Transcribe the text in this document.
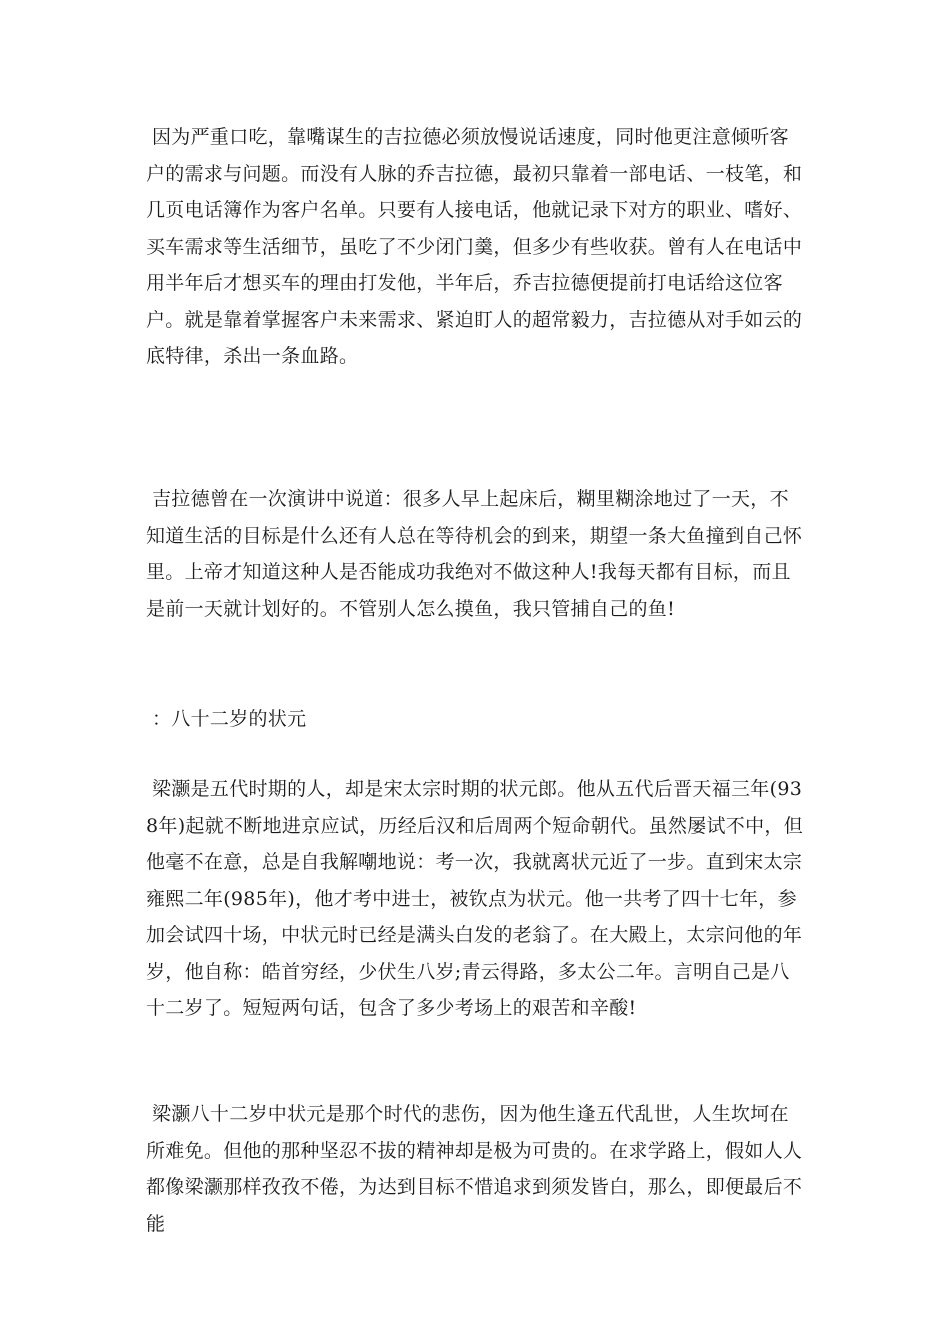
因为严重口吃，靠嘴谋生的吉拉德必须放慢说话速度，同时他更注意倾听客户的需求与问题。而没有人脉的乔吉拉德，最初只靠着一部电话、一枝笔，和几页电话簿作为客户名单。只要有人接电话，他就记录下对方的职业、嗜好、买车需求等生活细节，虽吃了不少闭门羹，但多少有些收获。曾有人在电话中用半年后才想买车的理由打发他，半年后，乔吉拉德便提前打电话给这位客户。就是靠着掌握客户未来需求、紧迫盯人的超常毅力，吉拉德从对手如云的底特律，杀出一条血路。

吉拉德曾在一次演讲中说道：很多人早上起床后，糊里糊涂地过了一天，不知道生活的目标是什么还有人总在等待机会的到来，期望一条大鱼撞到自己怀里。上帝才知道这种人是否能成功我绝对不做这种人!我每天都有目标，而且是前一天就计划好的。不管别人怎么摸鱼，我只管捕自己的鱼!

：八十二岁的状元

梁灏是五代时期的人，却是宋太宗时期的状元郎。他从五代后晋天福三年(938年)起就不断地进京应试，历经后汉和后周两个短命朝代。虽然屡试不中，但他毫不在意，总是自我解嘲地说：考一次，我就离状元近了一步。直到宋太宗雍熙二年(985年)，他才考中进士，被钦点为状元。他一共考了四十七年，参加会试四十场，中状元时已经是满头白发的老翁了。在大殿上，太宗问他的年岁，他自称：皓首穷经，少伏生八岁;青云得路，多太公二年。言明自己是八十二岁了。短短两句话，包含了多少考场上的艰苦和辛酸!

梁灏八十二岁中状元是那个时代的悲伤，因为他生逢五代乱世，人生坎坷在所难免。但他的那种坚忍不拔的精神却是极为可贵的。在求学路上，假如人人都像梁灏那样孜孜不倦，为达到目标不惜追求到须发皆白，那么，即便最后不能
